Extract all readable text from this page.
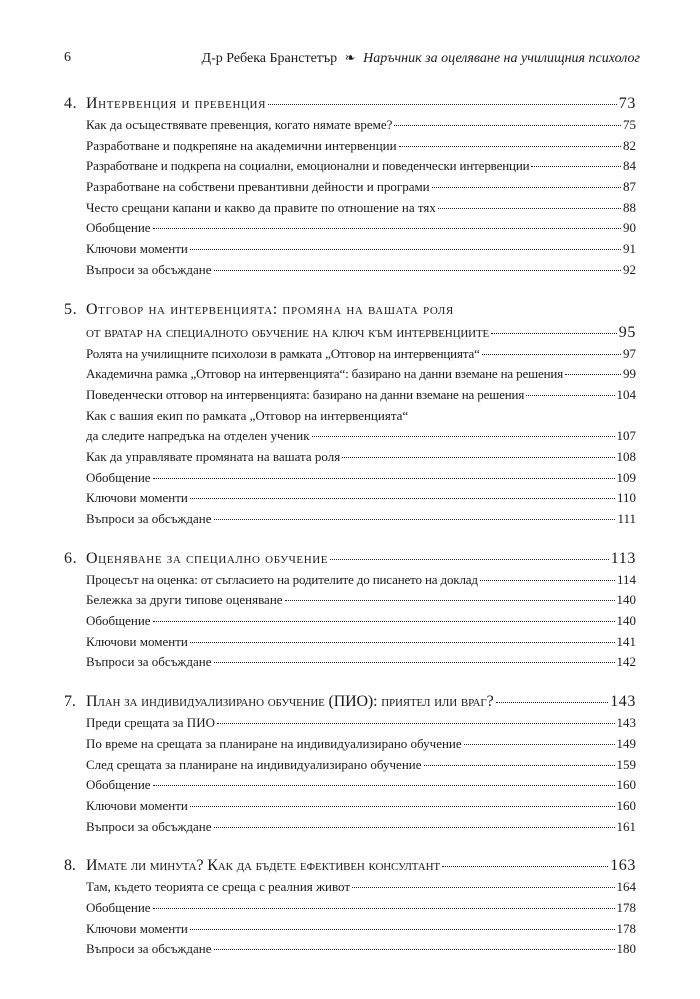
6	Д-р Ребека Бранстетър ❧ Наръчник за оцеляване на училищния психолог
4. Интервенция и превенция	73
Как да осъществявате превенция, когато нямате време?	75
Разработване и подкрепяне на академични интервенции	82
Разработване и подкрепа на социални, емоционални и поведенчески интервенции	84
Разработване на собствени превантивни дейности и програми	87
Често срещани капани и какво да правите по отношение на тях	88
Обобщение	90
Ключови моменти	91
Въпроси за обсъждане	92
5. Отговор на интервенцията: промяна на вашата роля
от вратар на специалното обучение на ключ към интервенциите	95
Ролята на училищните психолози в рамката „Отговор на интервенцията“	97
Академична рамка „Отговор на интервенцията“: базирано на данни вземане на решения	99
Поведенчески отговор на интервенцията: базирано на данни вземане на решения	104
Как с вашия екип по рамката „Отговор на интервенцията“
да следите напредъка на отделен ученик	107
Как да управлявате промяната на вашата роля	108
Обобщение	109
Ключови моменти	110
Въпроси за обсъждане	111
6. Оценяване за специално обучение	113
Процесът на оценка: от съгласието на родителите до писането на доклад	114
Бележка за други типове оценяване	140
Обобщение	140
Ключови моменти	141
Въпроси за обсъждане	142
7. План за индивидуализирано обучение (ПИО): приятел или враг?	143
Преди срещата за ПИО	143
По време на срещата за планиране на индивидуализирано обучение	149
След срещата за планиране на индивидуализирано обучение	159
Обобщение	160
Ключови моменти	160
Въпроси за обсъждане	161
8. Имате ли минута? Как да бъдете ефективен консултант	163
Там, където теорията се среща с реалния живот	164
Обобщение	178
Ключови моменти	178
Въпроси за обсъждане	180
